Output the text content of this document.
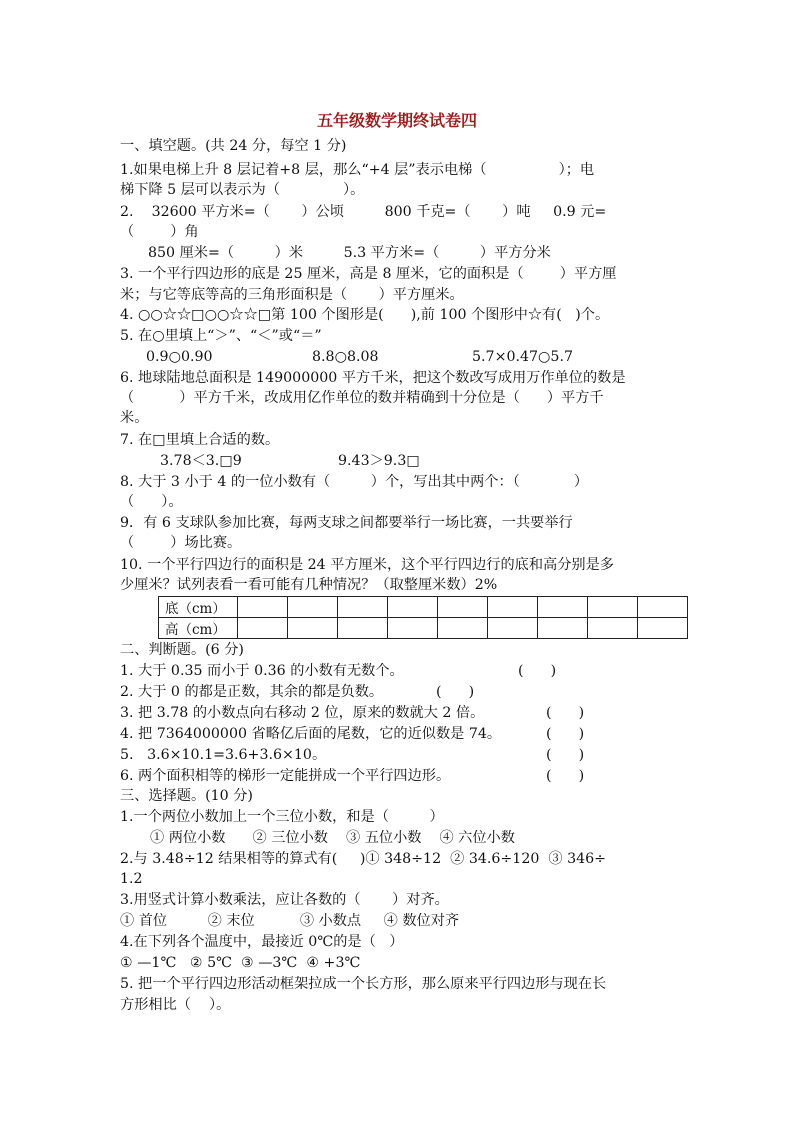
五年级数学期终试卷四
一、填空题。(共 24 分，每空 1 分)
1.如果电梯上升 8 层记着+8 层，那么“+4 层”表示电梯（                ）；电
梯下降 5 层可以表示为（              ）。
2.    32600 平方米=（       ）公顷         800 千克=（       ）吨     0.9 元=
（        ）角
850 厘米=（         ）米         5.3 平方米=（         ）平方分米
3. 一个平行四边形的底是 25 厘米，高是 8 厘米，它的面积是（        ）平方厘
米；与它等底等高的三角形面积是（       ）平方厘米。
4. ○○☆☆□○○☆☆□第 100 个图形是(      ),前 100 个图形中☆有(   )个。
5. 在○里填上“＞”、“＜”或“＝”
0.9○0.90	8.8○8.08	5.7×0.47○5.7
6. 地球陆地总面积是 149000000 平方千米，把这个数改写成用万作单位的数是
（          ）平方千米，改成用亿作单位的数并精确到十分位是（      ）平方千
米。
7. 在□里填上合适的数。
3.78＜3.□9	9.43＞9.3□
8. 大于 3 小于 4 的一位小数有（         ）个，写出其中两个：（            ）
（      ）。
9．有 6 支球队参加比赛，每两支球之间都要举行一场比赛，一共要举行
（        ）场比赛。
10. 一个平行四边行的面积是 24 平方厘米，这个平行四边行的底和高分别是多
少厘米？试列表看一看可能有几种情况？（取整厘米数）2%
底（cm）									
高（cm）									
二、判断题。(6 分)
1. 大于 0.35 而小于 0.36 的小数有无数个。	(      )
2. 大于 0 的都是正数，其余的都是负数。	(      )
3. 把 3.78 的小数点向右移动 2 位，原来的数就大 2 倍。	(      )
4. 把 7364000000 省略亿后面的尾数，它的近似数是 74。	(      )
5.   3.6×10.1=3.6+3.6×10。	(      )
6. 两个面积相等的梯形一定能拼成一个平行四边形。	(      )
三、选择题。(10 分)
1.一个两位小数加上一个三位小数，和是（         ）
① 两位小数      ② 三位小数    ③ 五位小数    ④ 六位小数
2.与 3.48÷12 结果相等的算式有(     )① 348÷12  ② 34.6÷120  ③ 346÷
1.2
3.用竖式计算小数乘法，应让各数的（       ）对齐。
① 首位         ② 末位          ③ 小数点     ④ 数位对齐
4.在下列各个温度中，最接近 0℃的是（   ）
① —1℃   ② 5℃  ③ —3℃  ④ +3℃
5. 把一个平行四边形活动框架拉成一个长方形，那么原来平行四边形与现在长
方形相比（    ）。
